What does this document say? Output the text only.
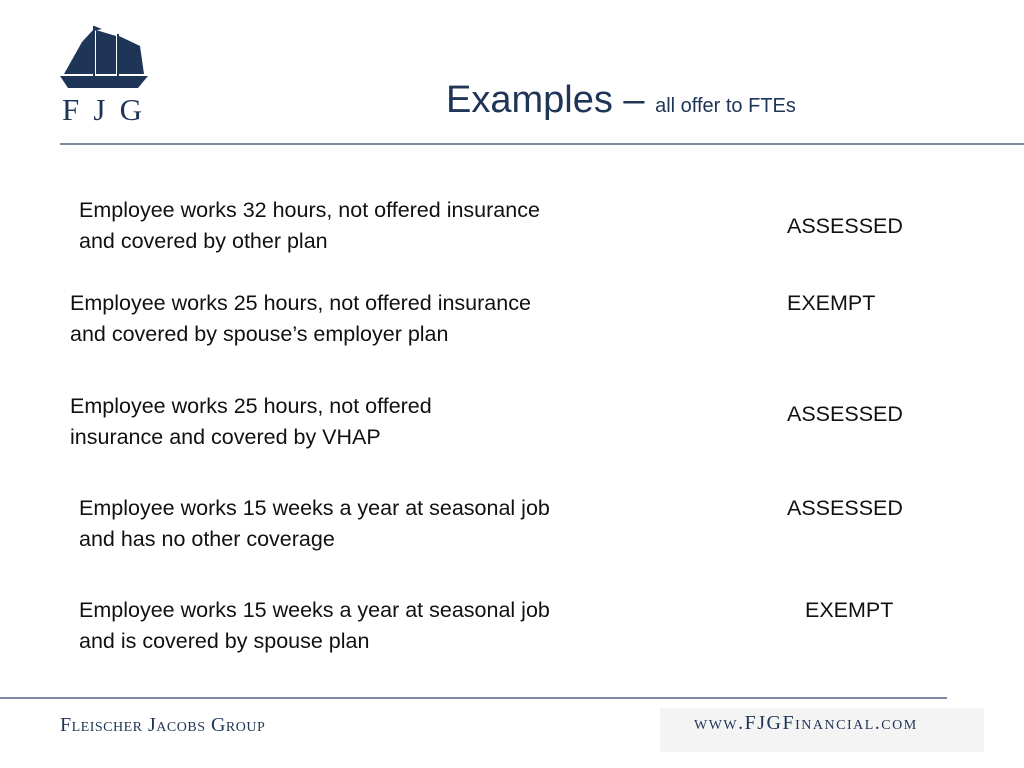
F J G	Examples – all offer to FTEs
Employee works 32 hours, not offered insurance
and covered by other plan
ASSESSED
Employee works 25 hours, not offered insurance
and covered by spouse’s employer plan
EXEMPT
Employee works 25 hours, not offered
insurance and covered by VHAP
ASSESSED
Employee works 15 weeks a year at seasonal job
and has no other coverage
ASSESSED
Employee works 15 weeks a year at seasonal job
and is covered by spouse plan
EXEMPT
Fleischer Jacobs Group	www.FJGFinancial.com
